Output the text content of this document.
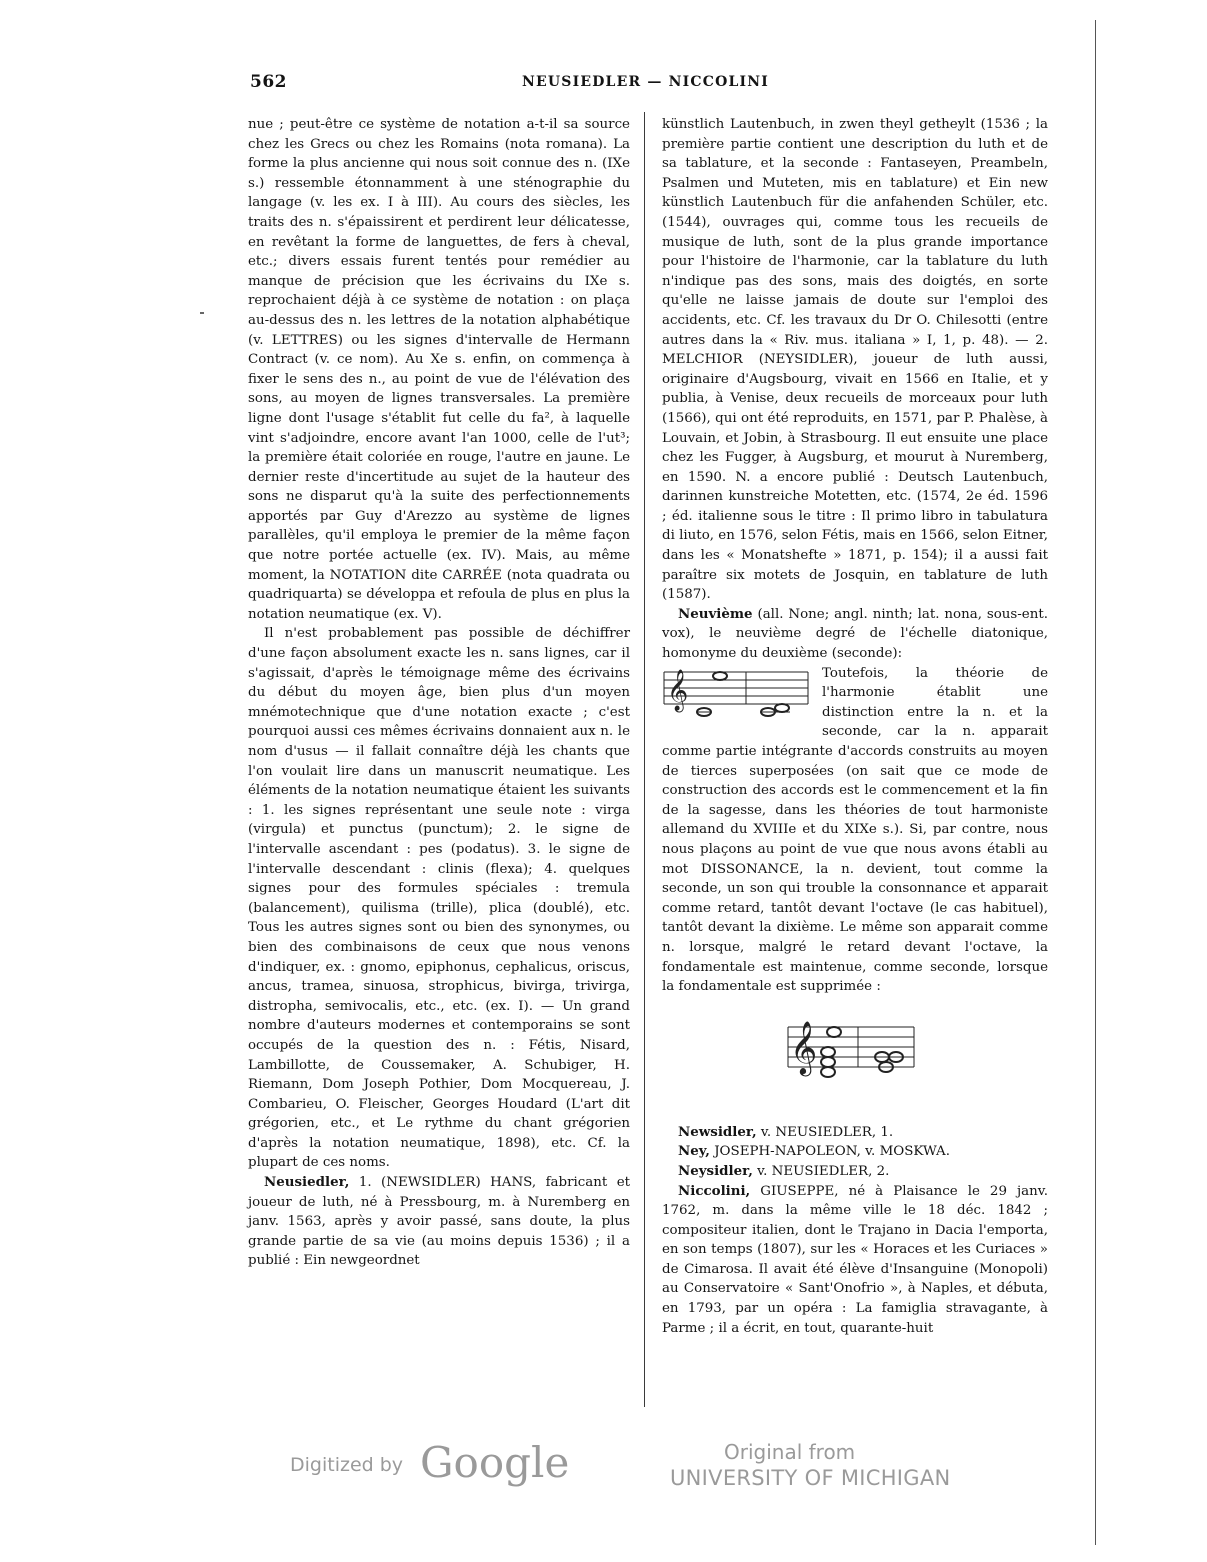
562	NEUSIEDLER — NICCOLINI

nue ; peut-être ce système de notation a-t-il sa source chez les Grecs ou chez les Romains (nota romana). La forme la plus ancienne qui nous soit connue des n. (IXe s.) ressemble étonnamment à une sténographie du langage (v. les ex. I à III). Au cours des siècles, les traits des n. s'épaissirent et perdirent leur délicatesse, en revêtant la forme de languettes, de fers à cheval, etc.; divers essais furent tentés pour remédier au manque de précision que les écrivains du IXe s. reprochaient déjà à ce système de notation : on plaça au-dessus des n. les lettres de la notation alphabétique (v. LETTRES) ou les signes d'intervalle de Hermann Contract (v. ce nom). Au Xe s. enfin, on commença à fixer le sens des n., au point de vue de l'élévation des sons, au moyen de lignes transversales. La première ligne dont l'usage s'établit fut celle du fa², à laquelle vint s'adjoindre, encore avant l'an 1000, celle de l'ut³; la première était coloriée en rouge, l'autre en jaune. Le dernier reste d'incertitude au sujet de la hauteur des sons ne disparut qu'à la suite des perfectionnements apportés par Guy d'Arezzo au système de lignes parallèles, qu'il employa le premier de la même façon que notre portée actuelle (ex. IV). Mais, au même moment, la NOTATION dite CARRÉE (nota quadrata ou quadriquarta) se développa et refoula de plus en plus la notation neumatique (ex. V).

Il n'est probablement pas possible de déchiffrer d'une façon absolument exacte les n. sans lignes, car il s'agissait, d'après le témoignage même des écrivains du début du moyen âge, bien plus d'un moyen mnémotechnique que d'une notation exacte ; c'est pourquoi aussi ces mêmes écrivains donnaient aux n. le nom d'usus — il fallait connaître déjà les chants que l'on voulait lire dans un manuscrit neumatique. Les éléments de la notation neumatique étaient les suivants : 1. les signes représentant une seule note : virga (virgula) et punctus (punctum); 2. le signe de l'intervalle ascendant : pes (podatus). 3. le signe de l'intervalle descendant : clinis (flexa); 4. quelques signes pour des formules spéciales : tremula (balancement), quilisma (trille), plica (doublé), etc. Tous les autres signes sont ou bien des synonymes, ou bien des combinaisons de ceux que nous venons d'indiquer, ex. : gnomo, epiphonus, cephalicus, oriscus, ancus, tramea, sinuosa, strophicus, bivirga, trivirga, distropha, semivocalis, etc., etc. (ex. I). — Un grand nombre d'auteurs modernes et contemporains se sont occupés de la question des n. : Fétis, Nisard, Lambillotte, de Coussemaker, A. Schubiger, H. Riemann, Dom Joseph Pothier, Dom Mocquereau, J. Combarieu, O. Fleischer, Georges Houdard (L'art dit grégorien, etc., et Le rythme du chant grégorien d'après la notation neumatique, 1898), etc. Cf. la plupart de ces noms.

Neusiedler, 1. (NEWSIDLER) HANS, fabricant et joueur de luth, né à Pressbourg, m. à Nuremberg en janv. 1563, après y avoir passé, sans doute, la plus grande partie de sa vie (au moins depuis 1536) ; il a publié : Ein newgeordnet

künstlich Lautenbuch, in zwen theyl getheylt (1536 ; la première partie contient une description du luth et de sa tablature, et la seconde : Fantaseyen, Preambeln, Psalmen und Muteten, mis en tablature) et Ein new künstlich Lautenbuch für die anfahenden Schüler, etc. (1544), ouvrages qui, comme tous les recueils de musique de luth, sont de la plus grande importance pour l'histoire de l'harmonie, car la tablature du luth n'indique pas des sons, mais des doigtés, en sorte qu'elle ne laisse jamais de doute sur l'emploi des accidents, etc. Cf. les travaux du Dr O. Chilesotti (entre autres dans la « Riv. mus. italiana » I, 1, p. 48). — 2. MELCHIOR (NEYSIDLER), joueur de luth aussi, originaire d'Augsbourg, vivait en 1566 en Italie, et y publia, à Venise, deux recueils de morceaux pour luth (1566), qui ont été reproduits, en 1571, par P. Phalèse, à Louvain, et Jobin, à Strasbourg. Il eut ensuite une place chez les Fugger, à Augsburg, et mourut à Nuremberg, en 1590. N. a encore publié : Deutsch Lautenbuch, darinnen kunstreiche Motetten, etc. (1574, 2e éd. 1596 ; éd. italienne sous le titre : Il primo libro in tabulatura di liuto, en 1576, selon Fétis, mais en 1566, selon Eitner, dans les « Monatshefte » 1871, p. 154); il a aussi fait paraître six motets de Josquin, en tablature de luth (1587).

Neuvième (all. None; angl. ninth; lat. nona, sous-ent. vox), le neuvième degré de l'échelle diatonique, homonyme du deuxième (seconde):

𝄞	Toutefois, la théorie de l'harmonie établit une distinction entre la n. et la seconde, car la n. apparait comme partie intégrante d'accords construits au moyen de tierces superposées (on sait que ce mode de construction des accords est le commencement et la fin de la sagesse, dans les théories de tout harmoniste allemand du XVIIIe et du XIXe s.). Si, par contre, nous nous plaçons au point de vue que nous avons établi au mot DISSONANCE, la n. devient, tout comme la seconde, un son qui trouble la consonnance et apparait comme retard, tantôt devant l'octave (le cas habituel), tantôt devant la dixième. Le même son apparait comme n. lorsque, malgré le retard devant l'octave, la fondamentale est maintenue, comme seconde, lorsque la fondamentale est supprimée :

𝄞

Newsidler, v. NEUSIEDLER, 1.

Ney, JOSEPH-NAPOLEON, v. MOSKWA.

Neysidler, v. NEUSIEDLER, 2.

Niccolini, GIUSEPPE, né à Plaisance le 29 janv. 1762, m. dans la même ville le 18 déc. 1842 ; compositeur italien, dont le Trajano in Dacia l'emporta, en son temps (1807), sur les « Horaces et les Curiaces » de Cimarosa. Il avait été élève d'Insanguine (Monopoli) au Conservatoire « Sant'Onofrio », à Naples, et débuta, en 1793, par un opéra : La famiglia stravagante, à Parme ; il a écrit, en tout, quarante-huit

Digitized by Google	Original from
UNIVERSITY OF MICHIGAN
